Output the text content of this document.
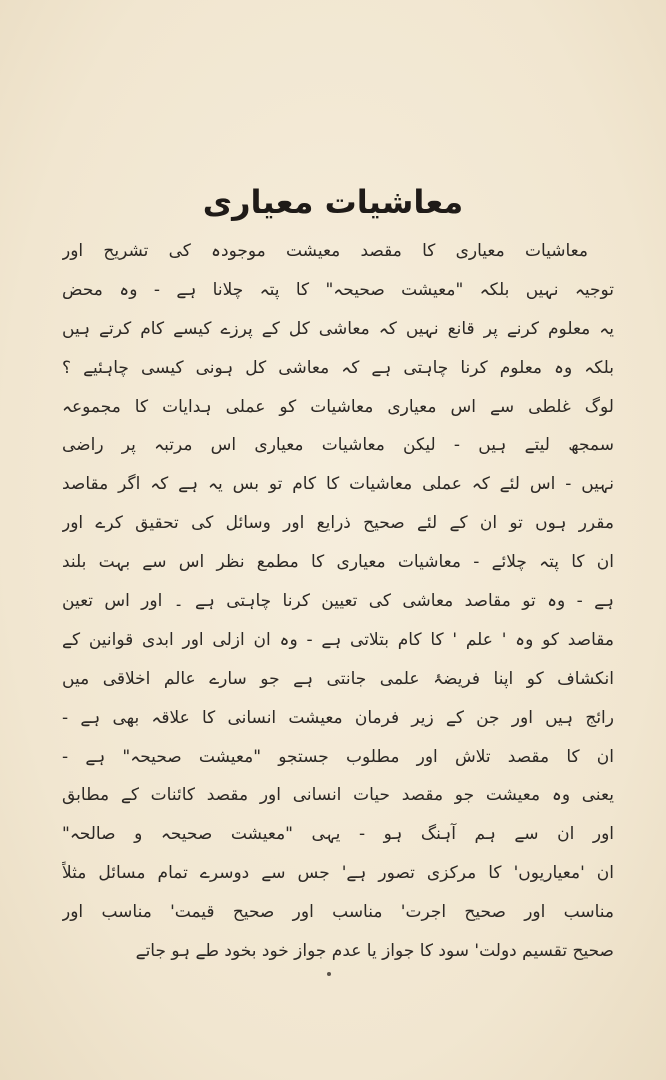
معاشیات معیاری
معاشیات معیاری کا مقصد معیشت موجودہ کی تشریح اور
توجیہ نہیں بلکہ "معیشت صحیحہ" کا پتہ چلانا ہے - وہ محض
یہ معلوم کرنے پر قانع نہیں کہ معاشی کل کے پرزے کیسے کام کرتے ہیں
بلکہ وہ معلوم کرنا چاہتی ہے کہ معاشی کل ہونی کیسی چاہئیے ؟
لوگ غلطی سے اس معیاری معاشیات کو عملی ہدایات کا مجموعہ
سمجھ لیتے ہیں - لیکن معاشیات معیاری اس مرتبہ پر راضی
نہیں - اس لئے کہ عملی معاشیات کا کام تو بس یہ ہے کہ اگر مقاصد
مقرر ہوں تو ان کے لئے صحیح ذرایع اور وسائل کی تحقیق کرے اور
ان کا پتہ چلائے - معاشیات معیاری کا مطمع نظر اس سے بہت بلند
ہے - وہ تو مقاصد معاشی کی تعیین کرنا چاہتی ہے ۔ اور اس تعین
مقاصد کو وہ ' علم ' کا کام بتلاتی ہے - وہ ان ازلی اور ابدی قوانین کے
انکشاف کو اپنا فریضۂ علمی جانتی ہے جو سارے عالم اخلاقی میں
رائج ہیں اور جن کے زیر فرمان معیشت انسانی کا علاقہ بھی ہے -
ان کا مقصد تلاش اور مطلوب جستجو "معیشت صحیحہ" ہے -
یعنی وہ معیشت جو مقصد حیات انسانی اور مقصد کائنات کے مطابق
اور ان سے ہم آہنگ ہو - یہی "معیشت صحیحہ و صالحہ"
ان 'معیاریوں' کا مرکزی تصور ہے' جس سے دوسرے تمام مسائل مثلاً
مناسب اور صحیح اجرت' مناسب اور صحیح قیمت' مناسب اور
صحیح تقسیم دولت' سود کا جواز یا عدم جواز خود بخود طے ہو جاتے
